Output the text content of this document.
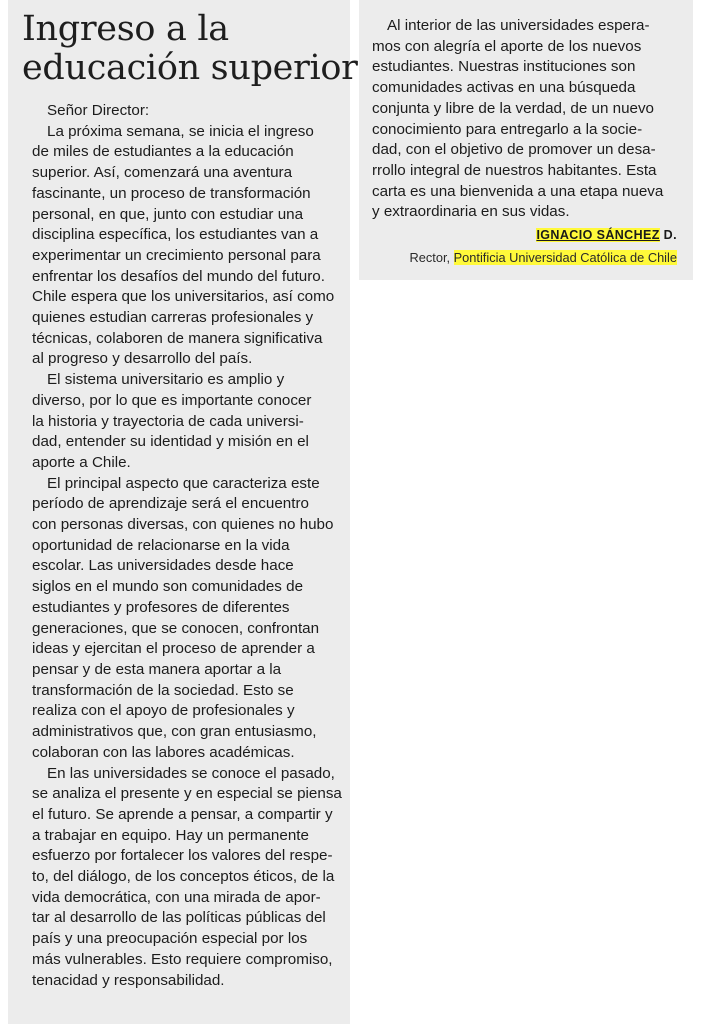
Ingreso a la
educación superior
Señor Director:
La próxima semana, se inicia el ingreso
de miles de estudiantes a la educación
superior. Así, comenzará una aventura
fascinante, un proceso de transformación
personal, en que, junto con estudiar una
disciplina específica, los estudiantes van a
experimentar un crecimiento personal para
enfrentar los desafíos del mundo del futuro.
Chile espera que los universitarios, así como
quienes estudian carreras profesionales y
técnicas, colaboren de manera significativa
al progreso y desarrollo del país.
El sistema universitario es amplio y
diverso, por lo que es importante conocer
la historia y trayectoria de cada universi-
dad, entender su identidad y misión en el
aporte a Chile.
El principal aspecto que caracteriza este
período de aprendizaje será el encuentro
con personas diversas, con quienes no hubo
oportunidad de relacionarse en la vida
escolar. Las universidades desde hace
siglos en el mundo son comunidades de
estudiantes y profesores de diferentes
generaciones, que se conocen, confrontan
ideas y ejercitan el proceso de aprender a
pensar y de esta manera aportar a la
transformación de la sociedad. Esto se
realiza con el apoyo de profesionales y
administrativos que, con gran entusiasmo,
colaboran con las labores académicas.
En las universidades se conoce el pasado,
se analiza el presente y en especial se piensa
el futuro. Se aprende a pensar, a compartir y
a trabajar en equipo. Hay un permanente
esfuerzo por fortalecer los valores del respe-
to, del diálogo, de los conceptos éticos, de la
vida democrática, con una mirada de apor-
tar al desarrollo de las políticas públicas del
país y una preocupación especial por los
más vulnerables. Esto requiere compromiso,
tenacidad y responsabilidad.
Al interior de las universidades espera-
mos con alegría el aporte de los nuevos
estudiantes. Nuestras instituciones son
comunidades activas en una búsqueda
conjunta y libre de la verdad, de un nuevo
conocimiento para entregarlo a la socie-
dad, con el objetivo de promover un desa-
rrollo integral de nuestros habitantes. Esta
carta es una bienvenida a una etapa nueva
y extraordinaria en sus vidas.
IGNACIO SÁNCHEZ D.
Rector, Pontificia Universidad Católica de Chile
